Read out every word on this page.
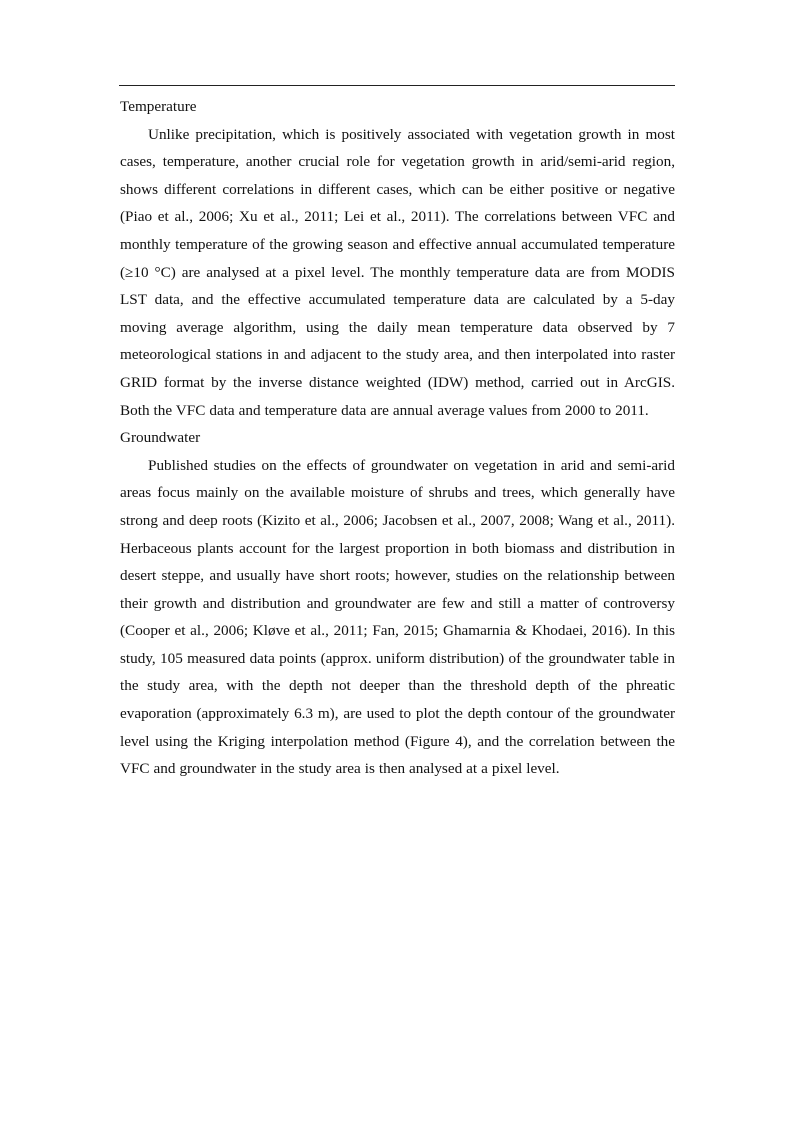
Temperature

Unlike precipitation, which is positively associated with vegetation growth in most cases, temperature, another crucial role for vegetation growth in arid/semi-arid region, shows different correlations in different cases, which can be either positive or negative (Piao et al., 2006; Xu et al., 2011; Lei et al., 2011). The correlations between VFC and monthly temperature of the growing season and effective annual accumulated temperature (≥10 °C) are analysed at a pixel level. The monthly temperature data are from MODIS LST data, and the effective accumulated temperature data are calculated by a 5-day moving average algorithm, using the daily mean temperature data observed by 7 meteorological stations in and adjacent to the study area, and then interpolated into raster GRID format by the inverse distance weighted (IDW) method, carried out in ArcGIS. Both the VFC data and temperature data are annual average values from 2000 to 2011.

Groundwater

Published studies on the effects of groundwater on vegetation in arid and semi-arid areas focus mainly on the available moisture of shrubs and trees, which generally have strong and deep roots (Kizito et al., 2006; Jacobsen et al., 2007, 2008; Wang et al., 2011). Herbaceous plants account for the largest proportion in both biomass and distribution in desert steppe, and usually have short roots; however, studies on the relationship between their growth and distribution and groundwater are few and still a matter of controversy (Cooper et al., 2006; Kløve et al., 2011; Fan, 2015; Ghamarnia & Khodaei, 2016). In this study, 105 measured data points (approx. uniform distribution) of the groundwater table in the study area, with the depth not deeper than the threshold depth of the phreatic evaporation (approximately 6.3 m), are used to plot the depth contour of the groundwater level using the Kriging interpolation method (Figure 4), and the correlation between the VFC and groundwater in the study area is then analysed at a pixel level.
